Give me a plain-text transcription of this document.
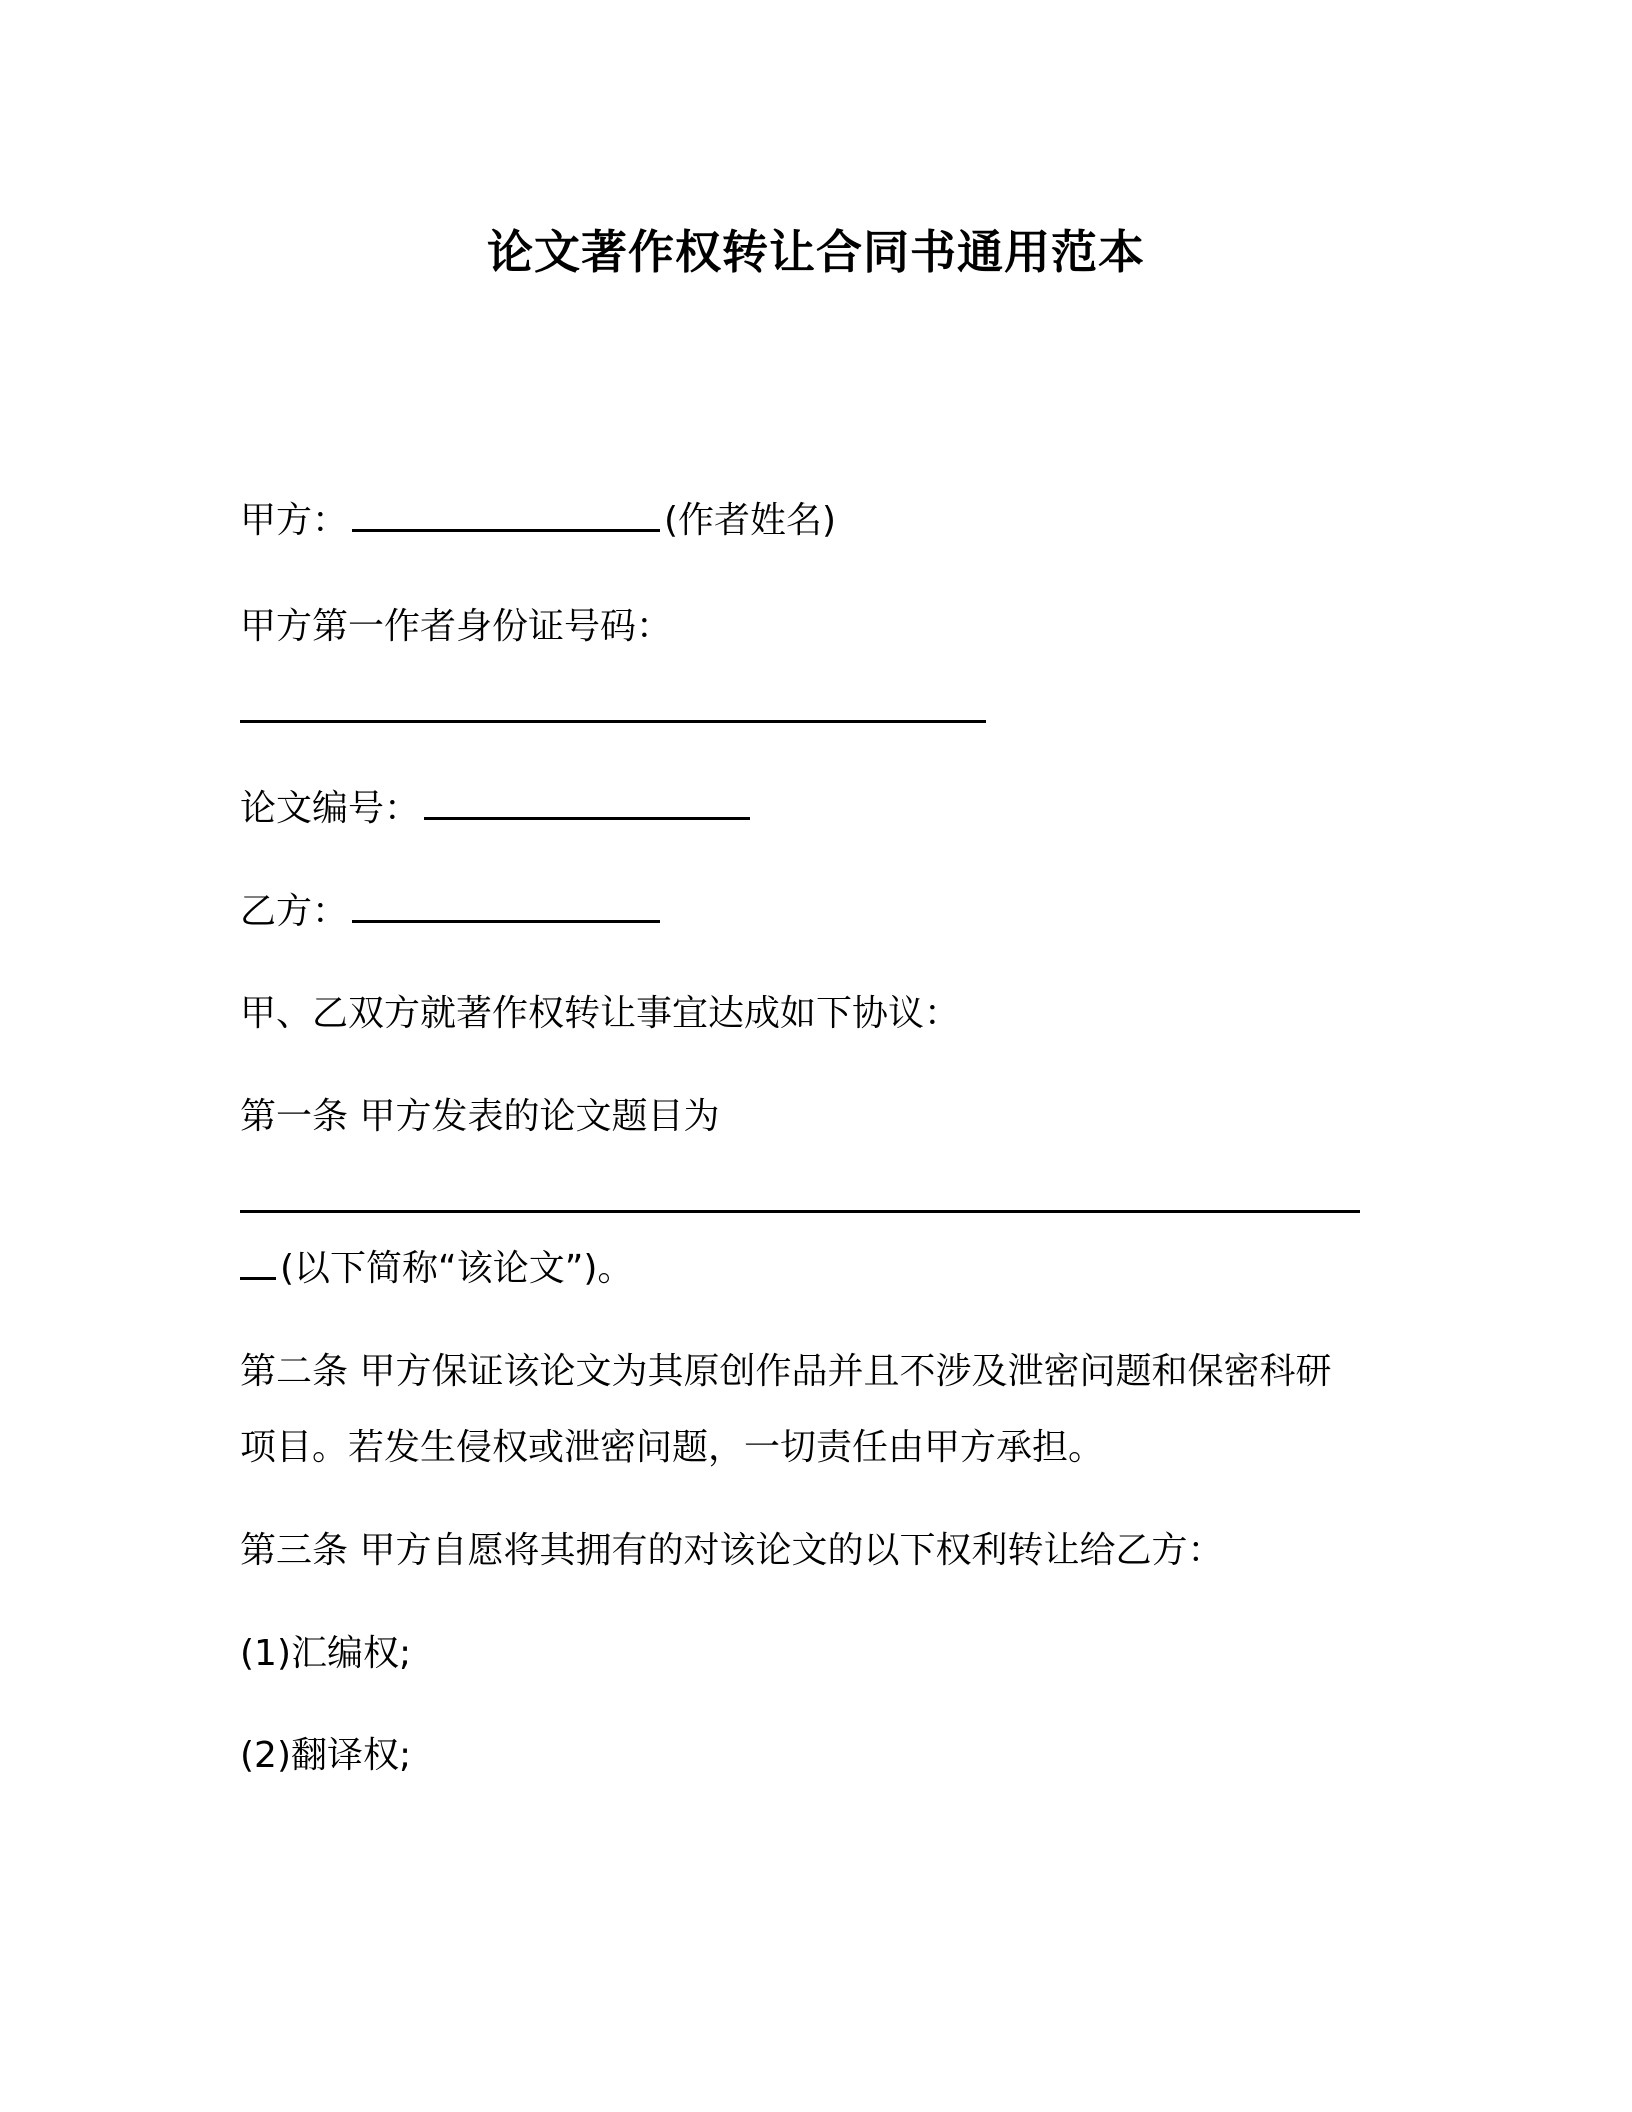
论文著作权转让合同书通用范本
甲方：	(作者姓名)
甲方第一作者身份证号码：
论文编号：
乙方：
甲、乙双方就著作权转让事宜达成如下协议：
第一条 甲方发表的论文题目为
(以下简称“该论文”)。
第二条 甲方保证该论文为其原创作品并且不涉及泄密问题和保密科研
项目。若发生侵权或泄密问题，一切责任由甲方承担。
第三条 甲方自愿将其拥有的对该论文的以下权利转让给乙方：
(1)汇编权;
(2)翻译权;
